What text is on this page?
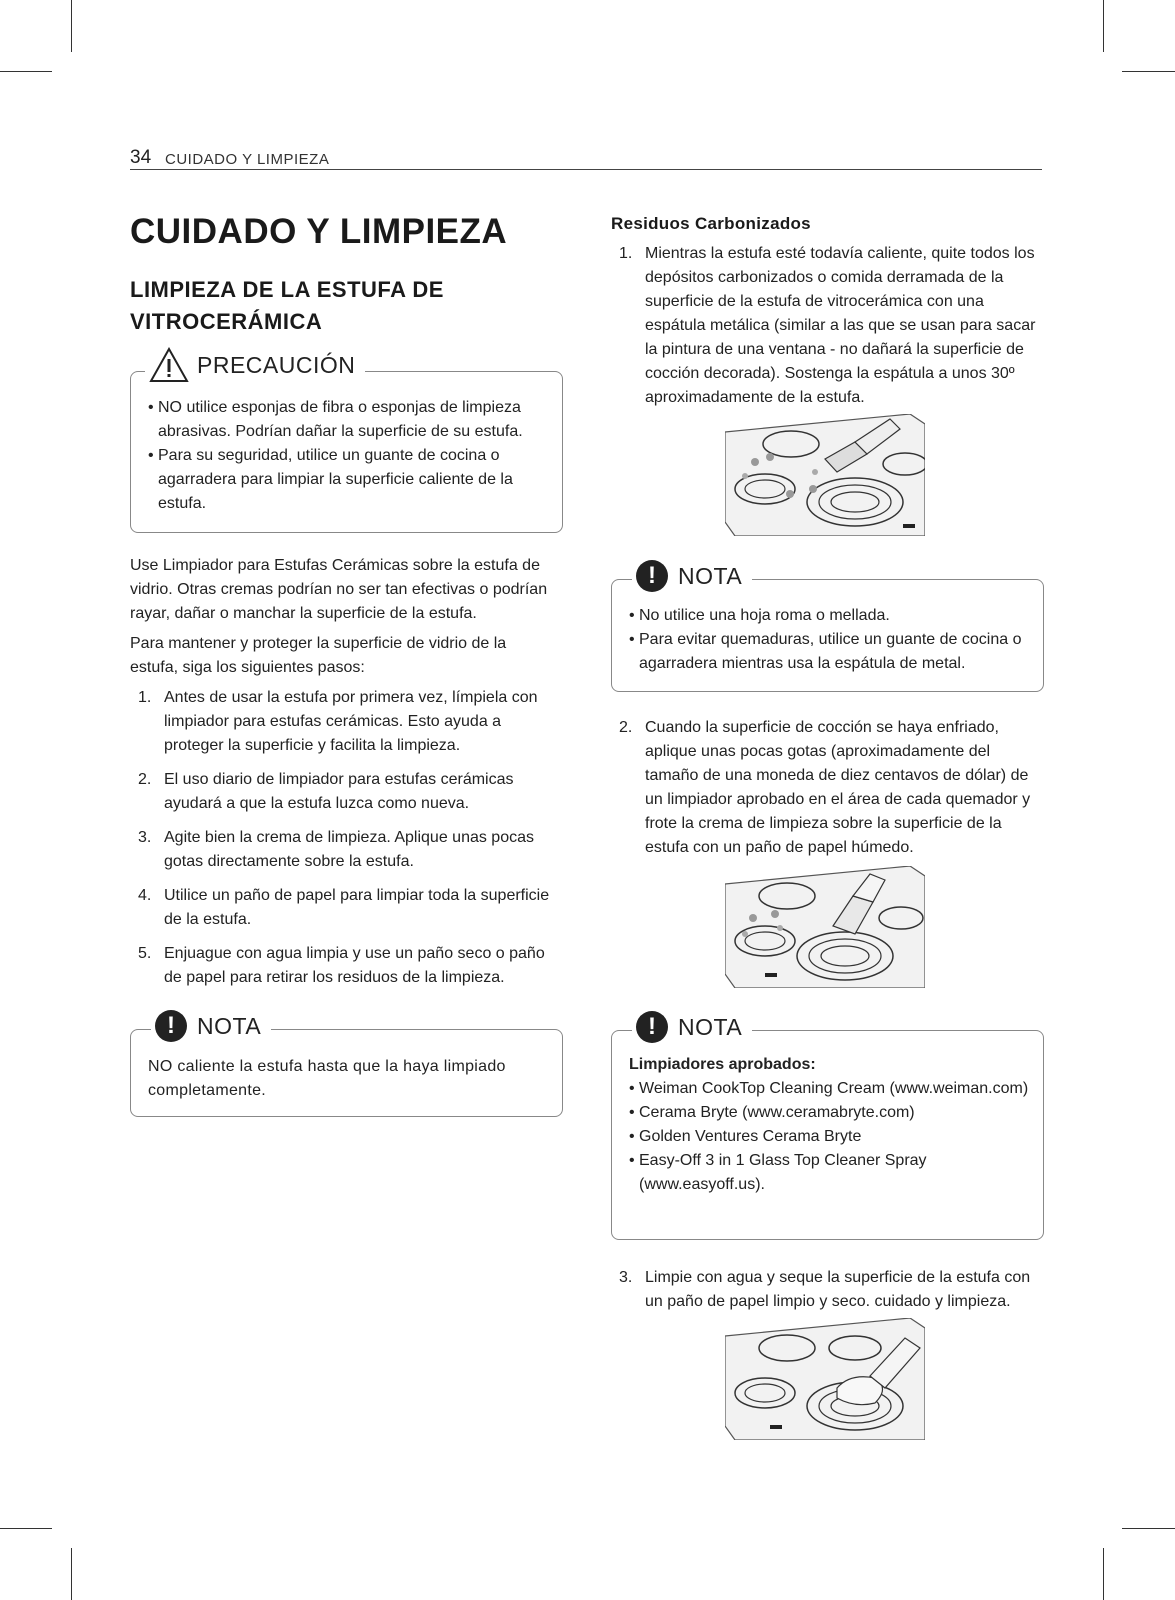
34 CUIDADO Y LIMPIEZA
CUIDADO Y LIMPIEZA
LIMPIEZA DE LA ESTUFA DE VITROCERÁMICA
PRECAUCIÓN
• NO utilice esponjas de fibra o esponjas de limpieza abrasivas. Podrían dañar la superficie de su estufa.
• Para su seguridad, utilice un guante de cocina o agarradera para limpiar la superficie caliente de la estufa.
Use Limpiador para Estufas Cerámicas sobre la estufa de vidrio. Otras cremas podrían no ser tan efectivas o podrían rayar, dañar o manchar la superficie de la estufa.
Para mantener y proteger la superficie de vidrio de la estufa, siga los siguientes pasos:
1. Antes de usar la estufa por primera vez, límpiela con limpiador para estufas cerámicas. Esto ayuda a proteger la superficie y facilita la limpieza.
2. El uso diario de limpiador para estufas cerámicas ayudará a que la estufa luzca como nueva.
3. Agite bien la crema de limpieza. Aplique unas pocas gotas directamente sobre la estufa.
4. Utilice un paño de papel para limpiar toda la superficie de la estufa.
5. Enjuague con agua limpia y use un paño seco o paño de papel para retirar los residuos de la limpieza.
! NOTA
NO caliente la estufa hasta que la haya limpiado completamente.
Residuos Carbonizados
1. Mientras la estufa esté todavía caliente, quite todos los depósitos carbonizados o comida derramada de la superficie de la estufa de vitrocerámica con una espátula metálica (similar a las que se usan para sacar la pintura de una ventana - no dañará la superficie de cocción decorada). Sostenga la espátula a unos 30º aproximadamente de la estufa.
! NOTA
• No utilice una hoja roma o mellada.
• Para evitar quemaduras, utilice un guante de cocina o agarradera mientras usa la espátula de metal.
2. Cuando la superficie de cocción se haya enfriado, aplique unas pocas gotas (aproximadamente del tamaño de una moneda de diez centavos de dólar) de un limpiador aprobado en el área de cada quemador y frote la crema de limpieza sobre la superficie de la estufa con un paño de papel húmedo.
! NOTA
Limpiadores aprobados:
• Weiman CookTop Cleaning Cream (www.weiman.com)
• Cerama Bryte (www.ceramabryte.com)
• Golden Ventures Cerama Bryte
• Easy-Off 3 in 1 Glass Top Cleaner Spray (www.easyoff.us).
3. Limpie con agua y seque la superficie de la estufa con un paño de papel limpio y seco. cuidado y limpieza.
